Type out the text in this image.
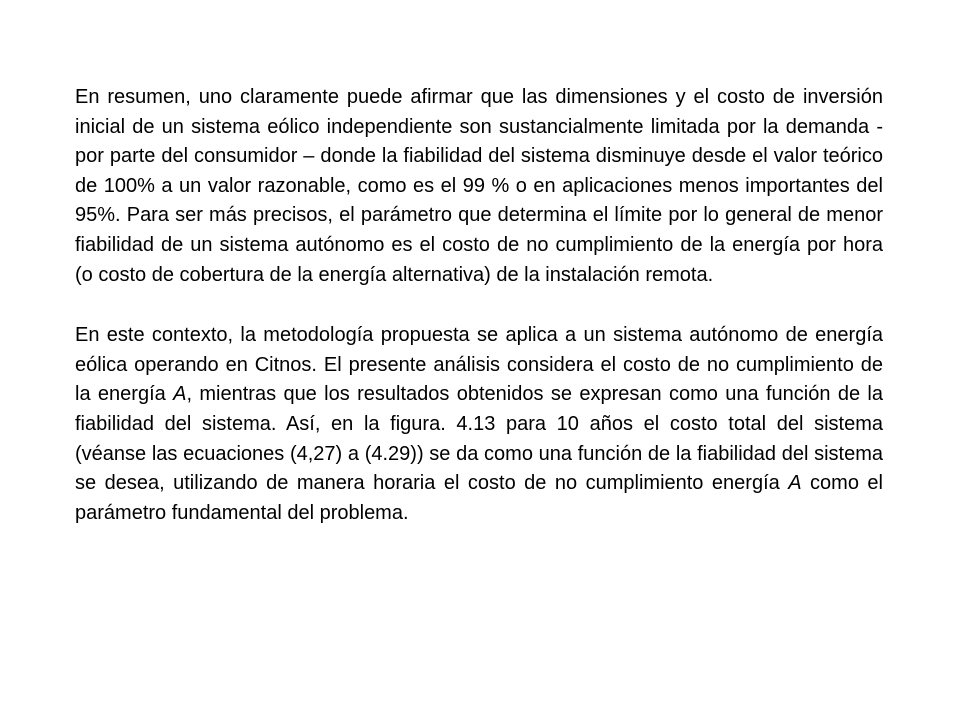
En resumen, uno claramente puede afirmar que las dimensiones y el costo de inversión inicial de un sistema eólico independiente son sustancialmente limitada por la demanda - por parte del consumidor – donde la fiabilidad del sistema disminuye desde el valor teórico de 100% a un valor razonable, como es el 99 % o en aplicaciones menos importantes del 95%. Para ser más precisos, el parámetro que determina el límite por lo general de menor fiabilidad de un sistema autónomo es el costo de no cumplimiento de la energía por hora (o costo de cobertura de la energía alternativa) de la instalación remota.

En este contexto, la metodología propuesta se aplica a un sistema autónomo de energía eólica operando en Citnos. El presente análisis considera el costo de no cumplimiento de la energía A, mientras que los resultados obtenidos se expresan como una función de la fiabilidad del sistema. Así, en la figura. 4.13 para 10 años el costo total del sistema (véanse las ecuaciones (4,27) a (4.29)) se da como una función de la fiabilidad del sistema se desea, utilizando de manera horaria el costo de no cumplimiento energía A como el parámetro fundamental del problema.
